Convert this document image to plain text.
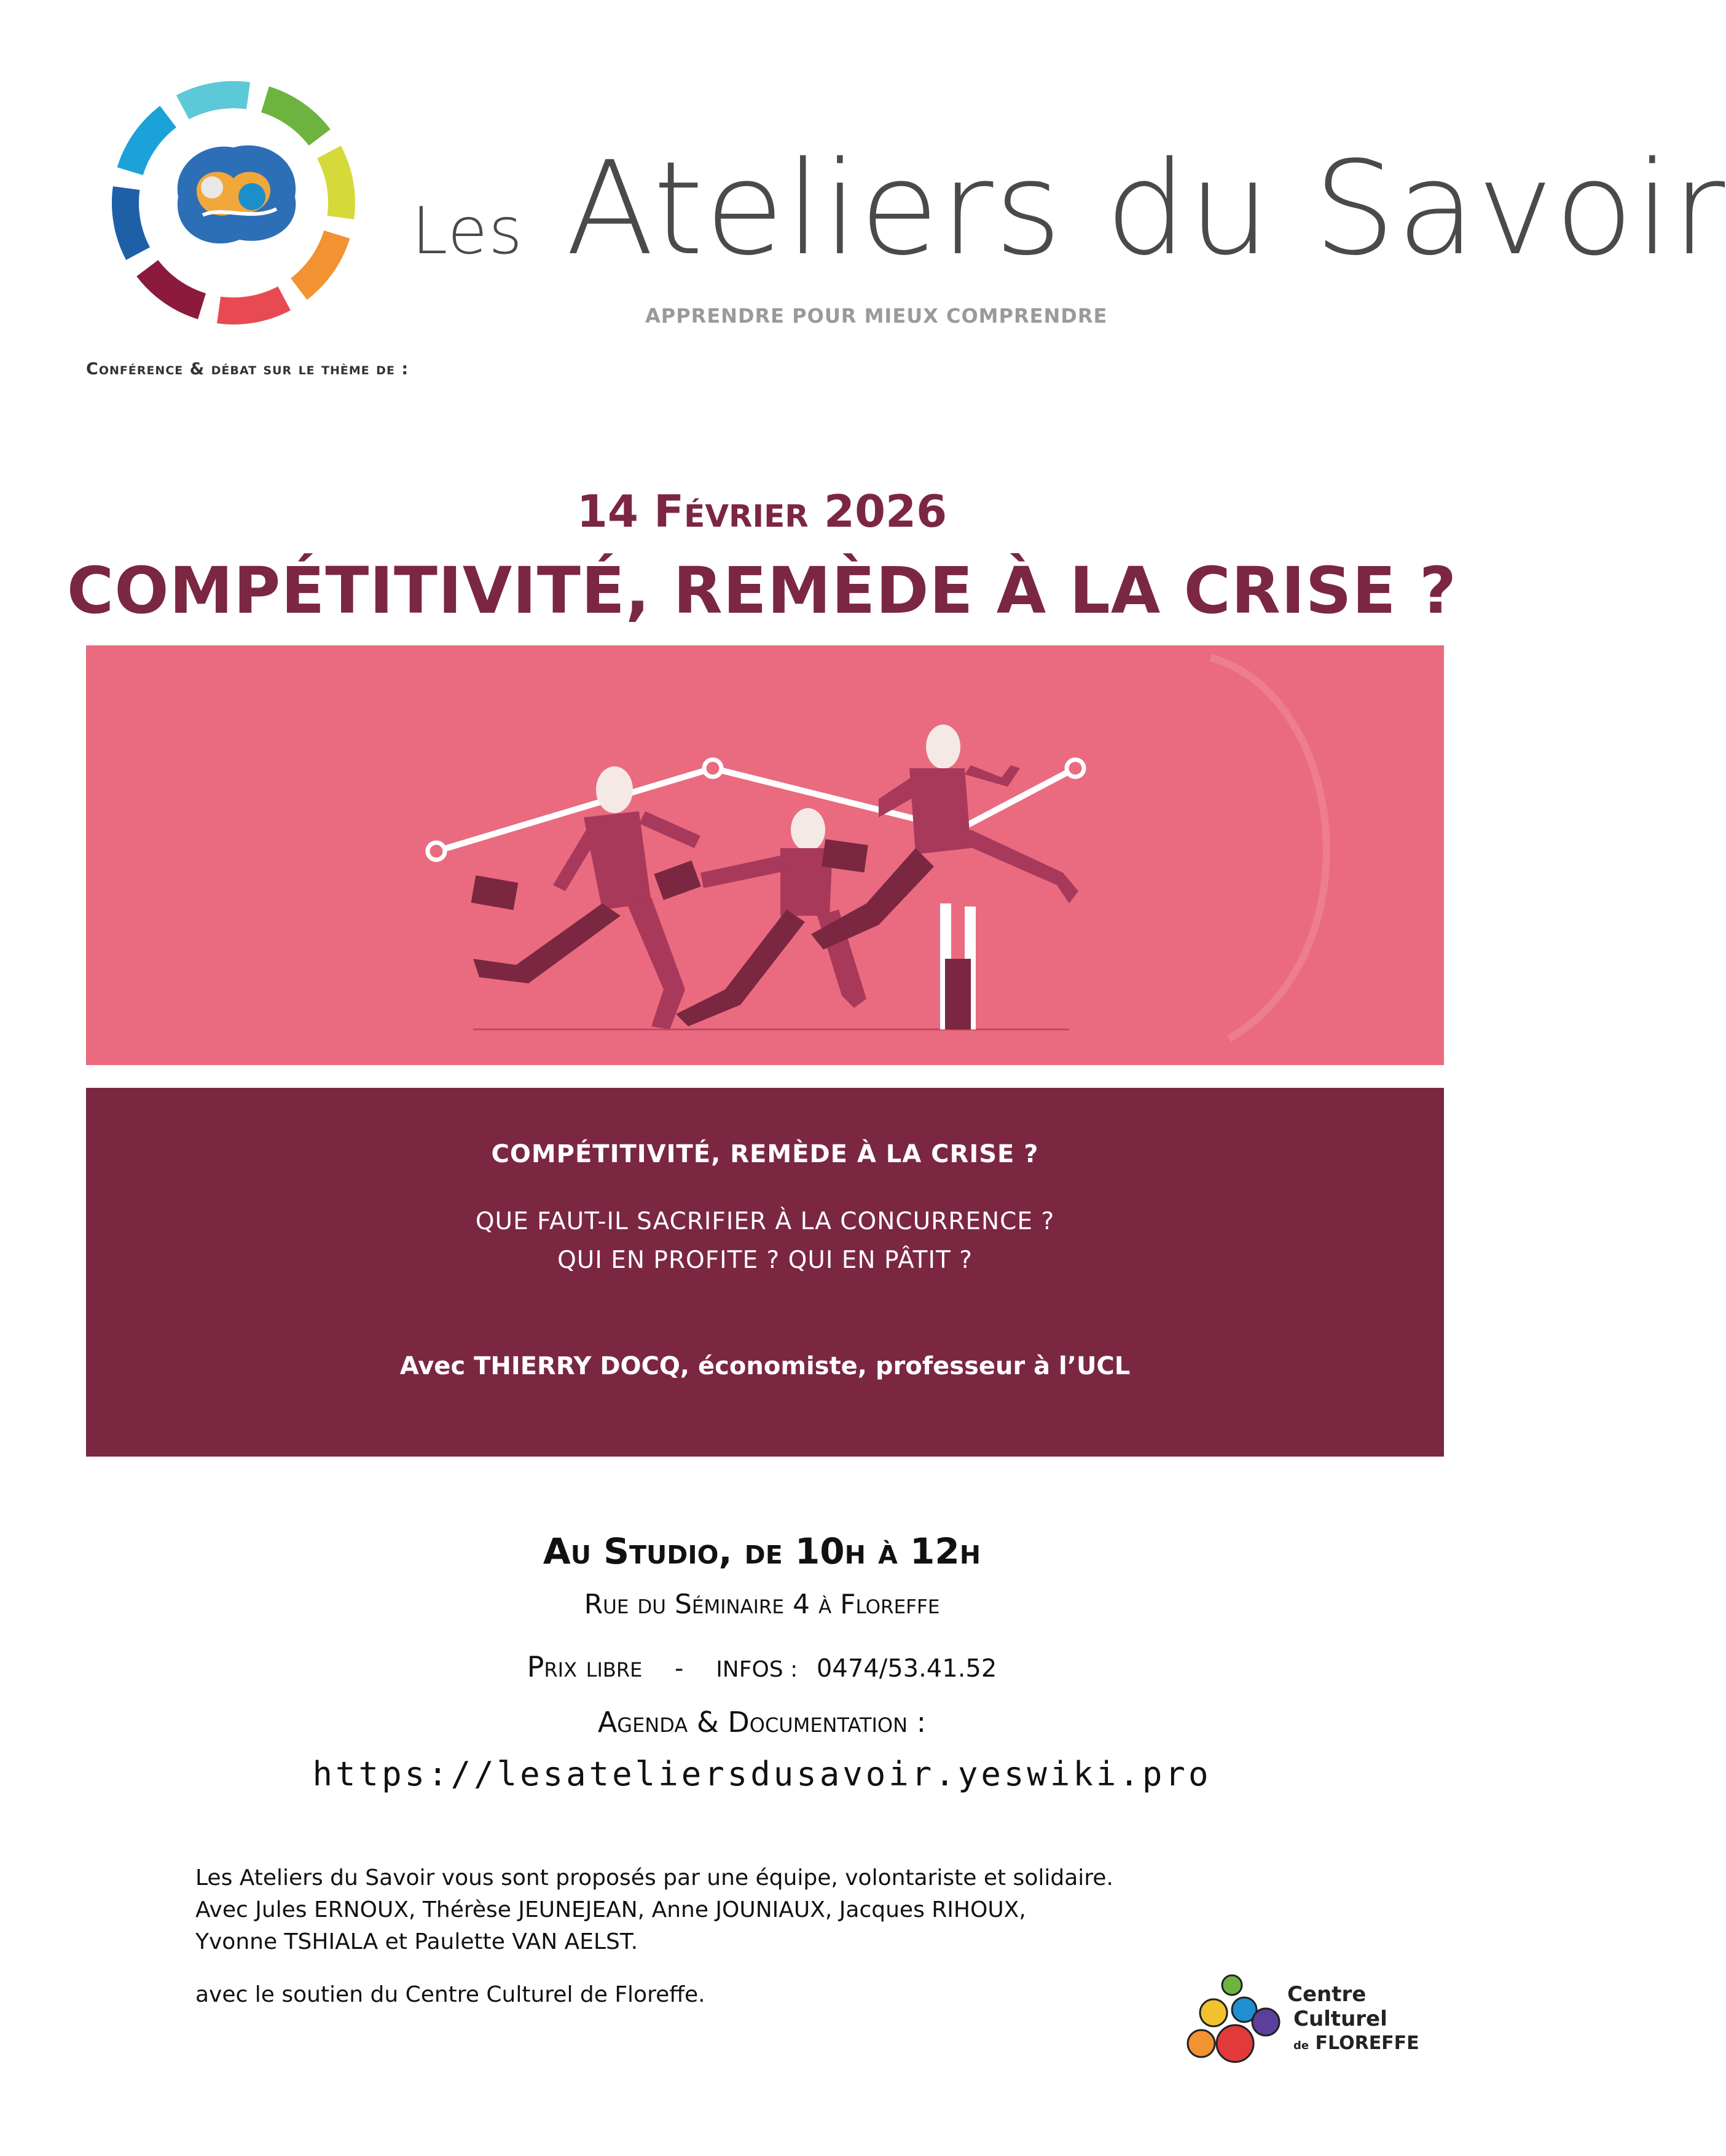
Les Ateliers du Savoir
APPRENDRE POUR MIEUX COMPRENDRE
Conférence & débat sur le thème de :
14 Février 2026
COMPÉTITIVITÉ, REMÈDE À LA CRISE ?
COMPÉTITIVITÉ, REMÈDE À LA CRISE ?
QUE FAUT-IL SACRIFIER À LA CONCURRENCE ?
QUI EN PROFITE ? QUI EN PÂTIT ?
Avec THIERRY DOCQ, économiste, professeur à l’UCL
Au Studio, de 10h à 12h
Rue du Séminaire 4 à Floreffe
Prix libre - INFOS : 0474/53.41.52
Agenda & Documentation :
https://lesateliersdusavoir.yeswiki.pro
Les Ateliers du Savoir vous sont proposés par une équipe, volontariste et solidaire.
Avec Jules ERNOUX, Thérèse JEUNEJEAN, Anne JOUNIAUX, Jacques RIHOUX,
Yvonne TSHIALA et Paulette VAN AELST.
avec le soutien du Centre Culturel de Floreffe.	Centre
Culturel
de FLOREFFE
